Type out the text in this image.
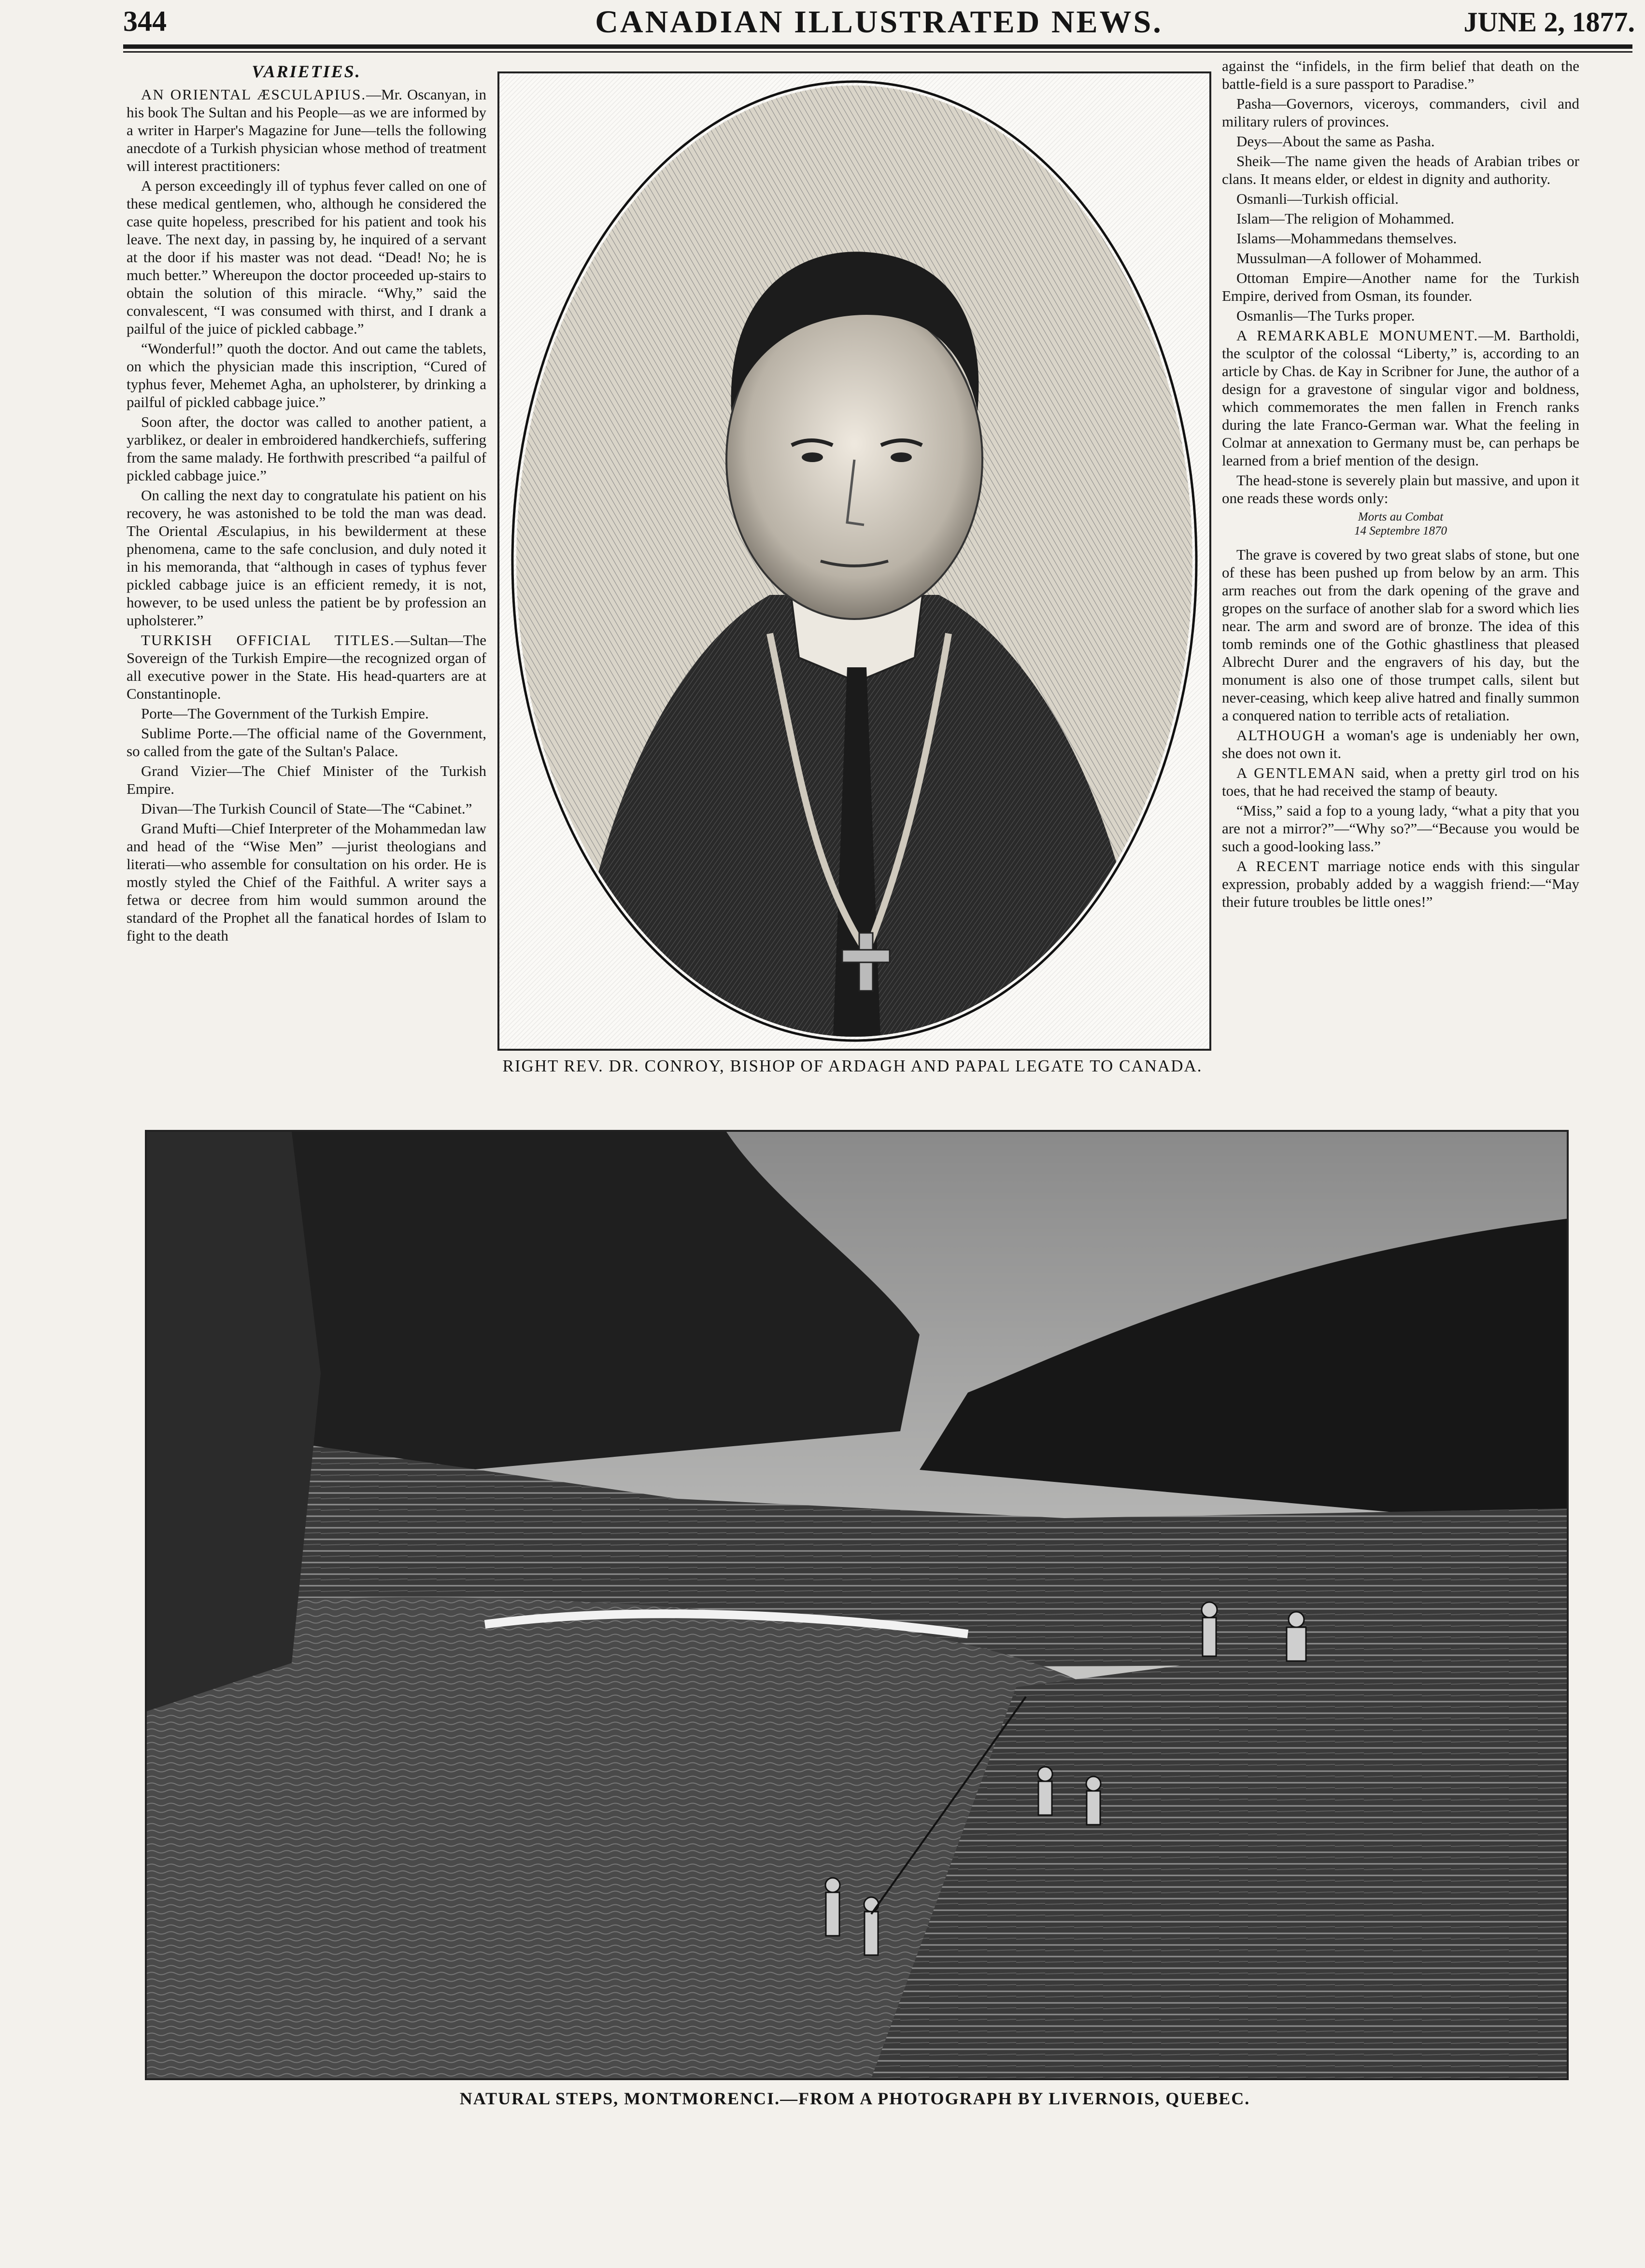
344	CANADIAN ILLUSTRATED NEWS.	JUNE 2, 1877.
VARIETIES.

AN ORIENTAL ÆSCULAPIUS.—Mr. Oscanyan, in his book The Sultan and his People—as we are informed by a writer in Harper's Magazine for June—tells the following anecdote of a Turkish physician whose method of treatment will interest practitioners:

A person exceedingly ill of typhus fever called on one of these medical gentlemen, who, although he considered the case quite hopeless, prescribed for his patient and took his leave. The next day, in passing by, he inquired of a servant at the door if his master was not dead. “Dead! No; he is much better.” Whereupon the doctor proceeded up-stairs to obtain the solution of this miracle. “Why,” said the convalescent, “I was consumed with thirst, and I drank a pailful of the juice of pickled cabbage.”

“Wonderful!” quoth the doctor. And out came the tablets, on which the physician made this inscription, “Cured of typhus fever, Mehemet Agha, an upholsterer, by drinking a pailful of pickled cabbage juice.”

Soon after, the doctor was called to another patient, a yarblikez, or dealer in embroidered handkerchiefs, suffering from the same malady. He forthwith prescribed “a pailful of pickled cabbage juice.”

On calling the next day to congratulate his patient on his recovery, he was astonished to be told the man was dead. The Oriental Æsculapius, in his bewilderment at these phenomena, came to the safe conclusion, and duly noted it in his memoranda, that “although in cases of typhus fever pickled cabbage juice is an efficient remedy, it is not, however, to be used unless the patient be by profession an upholsterer.”

TURKISH OFFICIAL TITLES.—Sultan—The Sovereign of the Turkish Empire—the recognized organ of all executive power in the State. His head-quarters are at Constantinople.

Porte—The Government of the Turkish Empire.

Sublime Porte.—The official name of the Government, so called from the gate of the Sultan's Palace.

Grand Vizier—The Chief Minister of the Turkish Empire.

Divan—The Turkish Council of State—The “Cabinet.”

Grand Mufti—Chief Interpreter of the Mohammedan law and head of the “Wise Men” —jurist theologians and literati—who assemble for consultation on his order. He is mostly styled the Chief of the Faithful. A writer says a fetwa or decree from him would summon around the standard of the Prophet all the fanatical hordes of Islam to fight to the death

RIGHT REV. DR. CONROY, BISHOP OF ARDAGH AND PAPAL LEGATE TO CANADA.

against the “infidels, in the firm belief that death on the battle-field is a sure passport to Paradise.”

Pasha—Governors, viceroys, commanders, civil and military rulers of provinces.

Deys—About the same as Pasha.

Sheik—The name given the heads of Arabian tribes or clans. It means elder, or eldest in dignity and authority.

Osmanli—Turkish official.

Islam—The religion of Mohammed.

Islams—Mohammedans themselves.

Mussulman—A follower of Mohammed.

Ottoman Empire—Another name for the Turkish Empire, derived from Osman, its founder.

Osmanlis—The Turks proper.

A REMARKABLE MONUMENT.—M. Bartholdi, the sculptor of the colossal “Liberty,” is, according to an article by Chas. de Kay in Scribner for June, the author of a design for a gravestone of singular vigor and boldness, which commemorates the men fallen in French ranks during the late Franco-German war. What the feeling in Colmar at annexation to Germany must be, can perhaps be learned from a brief mention of the design.

The head-stone is severely plain but massive, and upon it one reads these words only:

Morts au Combat
14 Septembre 1870

The grave is covered by two great slabs of stone, but one of these has been pushed up from below by an arm. This arm reaches out from the dark opening of the grave and gropes on the surface of another slab for a sword which lies near. The arm and sword are of bronze. The idea of this tomb reminds one of the Gothic ghastliness that pleased Albrecht Durer and the engravers of his day, but the monument is also one of those trumpet calls, silent but never-ceasing, which keep alive hatred and finally summon a conquered nation to terrible acts of retaliation.

ALTHOUGH a woman's age is undeniably her own, she does not own it.

A GENTLEMAN said, when a pretty girl trod on his toes, that he had received the stamp of beauty.

“Miss,” said a fop to a young lady, “what a pity that you are not a mirror?”—“Why so?”—“Because you would be such a good-looking lass.”

A RECENT marriage notice ends with this singular expression, probably added by a waggish friend:—“May their future troubles be little ones!”

NATURAL STEPS, MONTMORENCI.—FROM A PHOTOGRAPH BY LIVERNOIS, QUEBEC.
